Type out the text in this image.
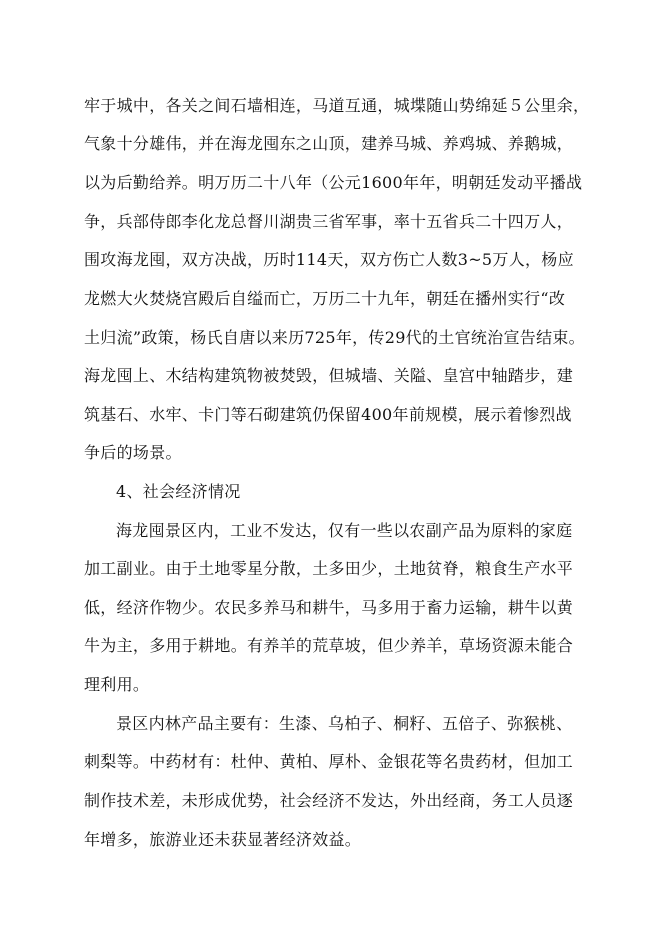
牢于城中，各关之间石墙相连，马道互通，城堞随山势绵延５公里余，
气象十分雄伟，并在海龙囤东之山顶，建养马城、养鸡城、养鹅城，
以为后勤给养。明万历二十八年（公元1600年年，明朝廷发动平播战
争，兵部侍郎李化龙总督川湖贵三省军事，率十五省兵二十四万人，
围攻海龙囤，双方决战，历时114天，双方伤亡人数3~5万人，杨应
龙燃大火焚烧宫殿后自缢而亡，万历二十九年，朝廷在播州实行“改
土归流”政策，杨氏自唐以来历725年，传29代的土官统治宣告结束。
海龙囤上、木结构建筑物被焚毁，但城墙、关隘、皇宫中轴踏步，建
筑基石、水牢、卡门等石砌建筑仍保留400年前规模，展示着惨烈战
争后的场景。
4、社会经济情况
海龙囤景区内，工业不发达，仅有一些以农副产品为原料的家庭
加工副业。由于土地零星分散，土多田少，土地贫脊，粮食生产水平
低，经济作物少。农民多养马和耕牛，马多用于畜力运输，耕牛以黄
牛为主，多用于耕地。有养羊的荒草坡，但少养羊，草场资源未能合
理利用。
景区内林产品主要有：生漆、乌柏子、桐籽、五倍子、弥猴桃、
刺梨等。中药材有：杜仲、黄柏、厚朴、金银花等名贵药材，但加工
制作技术差，未形成优势，社会经济不发达，外出经商，务工人员逐
年增多，旅游业还未获显著经济效益。
